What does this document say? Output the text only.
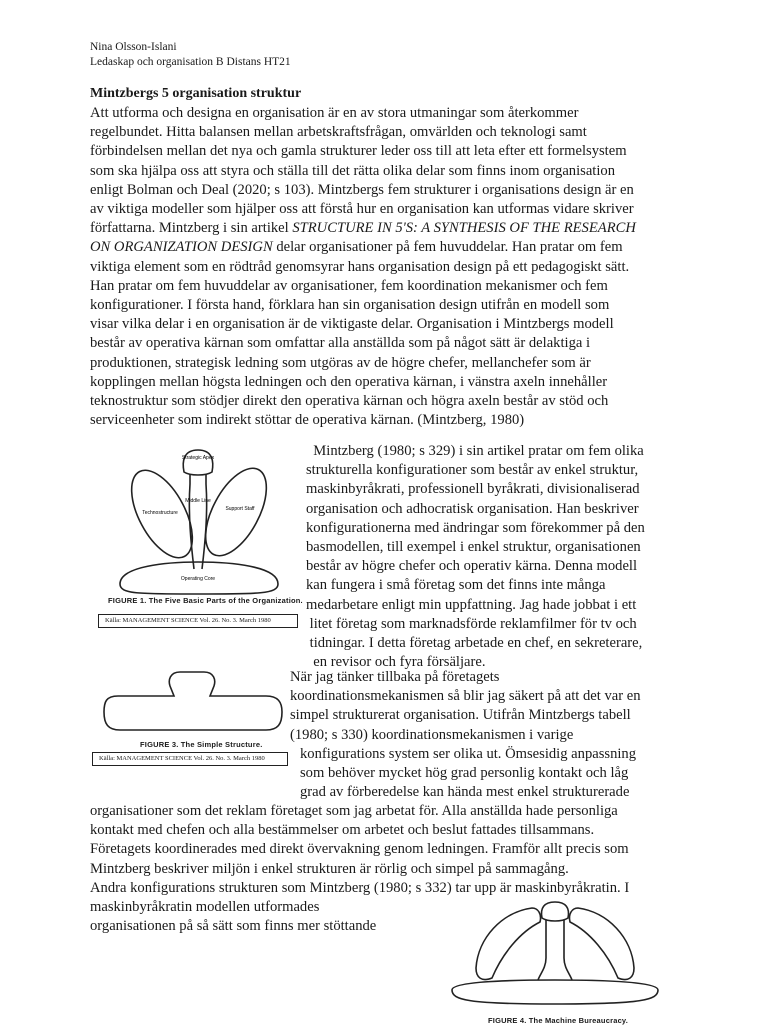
Nina Olsson-Islani
Ledaskap och organisation B Distans HT21
Mintzbergs 5 organisation struktur
Att utforma och designa en organisation är en av stora utmaningar som återkommer
regelbundet. Hitta balansen mellan arbetskraftsfrågan, omvärlden och teknologi samt
förbindelsen mellan det nya och gamla strukturer leder oss till att leta efter ett formelsystem
som ska hjälpa oss att styra och ställa till det rätta olika delar som finns inom organisation
enligt Bolman och Deal (2020; s 103). Mintzbergs fem strukturer i organisations design är en
av viktiga modeller som hjälper oss att förstå hur en organisation kan utformas vidare skriver
författarna. Mintzberg i sin artikel STRUCTURE IN 5'S: A SYNTHESIS OF THE RESEARCH
ON ORGANIZATION DESIGN delar organisationer på fem huvuddelar. Han pratar om fem
viktiga element som en rödtråd genomsyrar hans organisation design på ett pedagogiskt sätt.
Han pratar om fem huvuddelar av organisationer, fem koordination mekanismer och fem
konfigurationer. I första hand, förklara han sin organisation design utifrån en modell som
visar vilka delar i en organisation är de viktigaste delar. Organisation i Mintzbergs modell
består av operativa kärnan som omfattar alla anställda som på något sätt är delaktiga i
produktionen, strategisk ledning som utgöras av de högre chefer, mellanchefer som är
kopplingen mellan högsta ledningen och den operativa kärnan, i vänstra axeln innehåller
teknostruktur som stödjer direkt den operativa kärnan och högra axeln består av stöd och
serviceenheter som indirekt stöttar de operativa kärnan. (Mintzberg, 1980)
Strategic Apex
Technostructure
Middle Line
Support Staff
Operating Core
FIGURE 1. The Five Basic Parts of the Organization.
Källa: MANAGEMENT SCIENCE Vol. 26. No. 3. March 1980
Mintzberg (1980; s 329) i sin artikel pratar om fem olika
strukturella konfigurationer som består av enkel struktur,
maskinbyråkrati, professionell byråkrati, divisionaliserad
organisation och adhocratisk organisation. Han beskriver
konfigurationerna med ändringar som förekommer på den
basmodellen, till exempel i enkel struktur, organisationen
består av högre chefer och operativ kärna. Denna modell
kan fungera i små företag som det finns inte många
medarbetare enligt min uppfattning. Jag hade jobbat i ett
litet företag som marknadsförde reklamfilmer för tv och
tidningar. I detta företag arbetade en chef, en sekreterare,
en revisor och fyra försäljare.
FIGURE 3. The Simple Structure.
Källa: MANAGEMENT SCIENCE Vol. 26. No. 3. March 1980
När jag tänker tillbaka på företagets
koordinationsmekanismen så blir jag säkert på att det var en
simpel strukturerat organisation. Utifrån Mintzbergs tabell
(1980; s 330) koordinationsmekanismen i varige
konfigurations system ser olika ut. Ömsesidig anpassning
som behöver mycket hög grad personlig kontakt och låg
grad av förberedelse kan hända mest enkel strukturerade
organisationer som det reklam företaget som jag arbetat för. Alla anställda hade personliga
kontakt med chefen och alla bestämmelser om arbetet och beslut fattades tillsammans.
Företagets koordinerades med direkt övervakning genom ledningen. Framför allt precis som
Mintzberg beskriver miljön i enkel strukturen är rörlig och simpel på sammagång.
Andra konfigurations strukturen som Mintzberg (1980; s 332) tar upp är maskinbyråkratin. I
maskinbyråkratin modellen utformades
organisationen på så sätt som finns mer stöttande
FIGURE 4. The Machine Bureaucracy.
